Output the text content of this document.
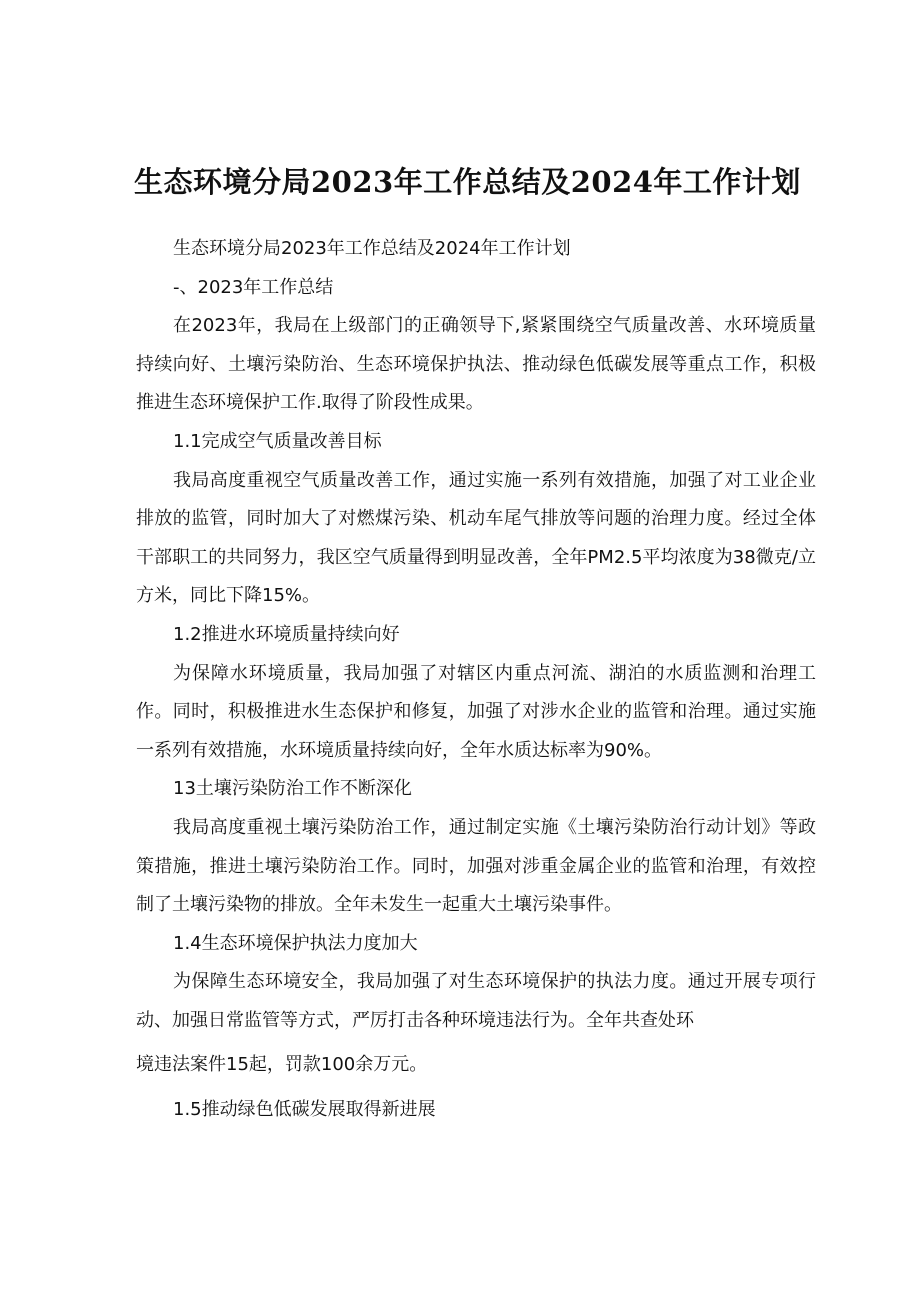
生态环境分局2023年工作总结及2024年工作计划

生态环境分局2023年工作总结及2024年工作计划

-、2023年工作总结

在2023年，我局在上级部门的正确领导下,紧紧围绕空气质量改善、水环境质量持续向好、土壤污染防治、生态环境保护执法、推动绿色低碳发展等重点工作，积极推进生态环境保护工作.取得了阶段性成果。

1.1完成空气质量改善目标

我局高度重视空气质量改善工作，通过实施一系列有效措施，加强了对工业企业排放的监管，同时加大了对燃煤污染、机动车尾气排放等问题的治理力度。经过全体干部职工的共同努力，我区空气质量得到明显改善，全年PM2.5平均浓度为38微克/立方米，同比下降15%。

1.2推进水环境质量持续向好

为保障水环境质量，我局加强了对辖区内重点河流、湖泊的水质监测和治理工作。同时，积极推进水生态保护和修复，加强了对涉水企业的监管和治理。通过实施一系列有效措施，水环境质量持续向好，全年水质达标率为90%。

13土壤污染防治工作不断深化

我局高度重视土壤污染防治工作，通过制定实施《土壤污染防治行动计划》等政策措施，推进土壤污染防治工作。同时，加强对涉重金属企业的监管和治理，有效控制了土壤污染物的排放。全年未发生一起重大土壤污染事件。

1.4生态环境保护执法力度加大

为保障生态环境安全，我局加强了对生态环境保护的执法力度。通过开展专项行动、加强日常监管等方式，严厉打击各种环境违法行为。全年共查处环

境违法案件15起，罚款100余万元。

1.5推动绿色低碳发展取得新进展
